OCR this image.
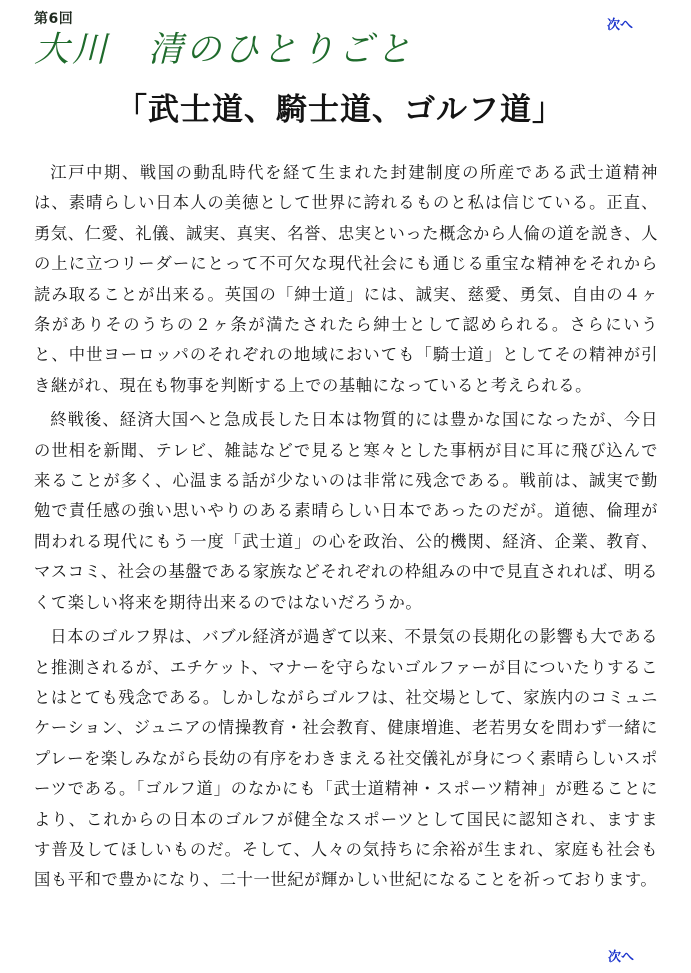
第6回
大川　清のひとりごと
次へ
「武士道、騎士道、ゴルフ道」

江戸中期、戦国の動乱時代を経て生まれた封建制度の所産である武士道精神は、素晴らしい日本人の美徳として世界に誇れるものと私は信じている。正直、勇気、仁愛、礼儀、誠実、真実、名誉、忠実といった概念から人倫の道を説き、人の上に立つリーダーにとって不可欠な現代社会にも通じる重宝な精神をそれから読み取ることが出来る。英国の「紳士道」には、誠実、慈愛、勇気、自由の４ヶ条がありそのうちの２ヶ条が満たされたら紳士として認められる。さらにいうと、中世ヨーロッパのそれぞれの地域においても「騎士道」としてその精神が引き継がれ、現在も物事を判断する上での基軸になっていると考えられる。

終戦後、経済大国へと急成長した日本は物質的には豊かな国になったが、今日の世相を新聞、テレビ、雑誌などで見ると寒々とした事柄が目に耳に飛び込んで来ることが多く、心温まる話が少ないのは非常に残念である。戦前は、誠実で勤勉で責任感の強い思いやりのある素晴らしい日本であったのだが。道徳、倫理が問われる現代にもう一度「武士道」の心を政治、公的機関、経済、企業、教育、マスコミ、社会の基盤である家族などそれぞれの枠組みの中で見直されれば、明るくて楽しい将来を期待出来るのではないだろうか。

日本のゴルフ界は、バブル経済が過ぎて以来、不景気の長期化の影響も大であると推測されるが、エチケット、マナーを守らないゴルファーが目についたりすることはとても残念である。しかしながらゴルフは、社交場として、家族内のコミュニケーション、ジュニアの情操教育・社会教育、健康増進、老若男女を問わず一緒にプレーを楽しみながら長幼の有序をわきまえる社交儀礼が身につく素晴らしいスポーツである。「ゴルフ道」のなかにも「武士道精神・スポーツ精神」が甦ることにより、これからの日本のゴルフが健全なスポーツとして国民に認知され、ますます普及してほしいものだ。そして、人々の気持ちに余裕が生まれ、家庭も社会も国も平和で豊かになり、二十一世紀が輝かしい世紀になることを祈っております。

次へ
